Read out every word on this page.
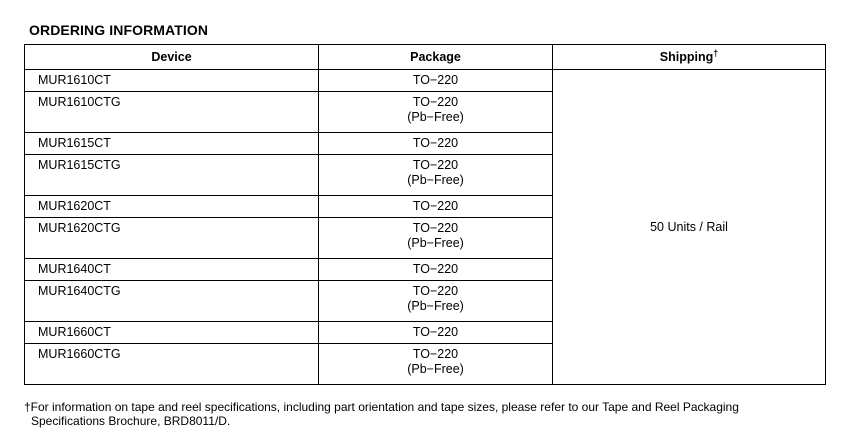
ORDERING INFORMATION
Device	Package	Shipping†
MUR1610CT	TO−220	50 Units / Rail
MUR1610CTG	TO−220
(Pb−Free)	

MUR1615CT	TO−220	

MUR1615CTG	TO−220
(Pb−Free)	

MUR1620CT	TO−220	

MUR1620CTG	TO−220
(Pb−Free)	

MUR1640CT	TO−220	

MUR1640CTG	TO−220
(Pb−Free)	

MUR1660CT	TO−220	

MUR1660CTG	TO−220
(Pb−Free)	
†For information on tape and reel specifications, including part orientation and tape sizes, please refer to our Tape and Reel Packaging
Specifications Brochure, BRD8011/D.
